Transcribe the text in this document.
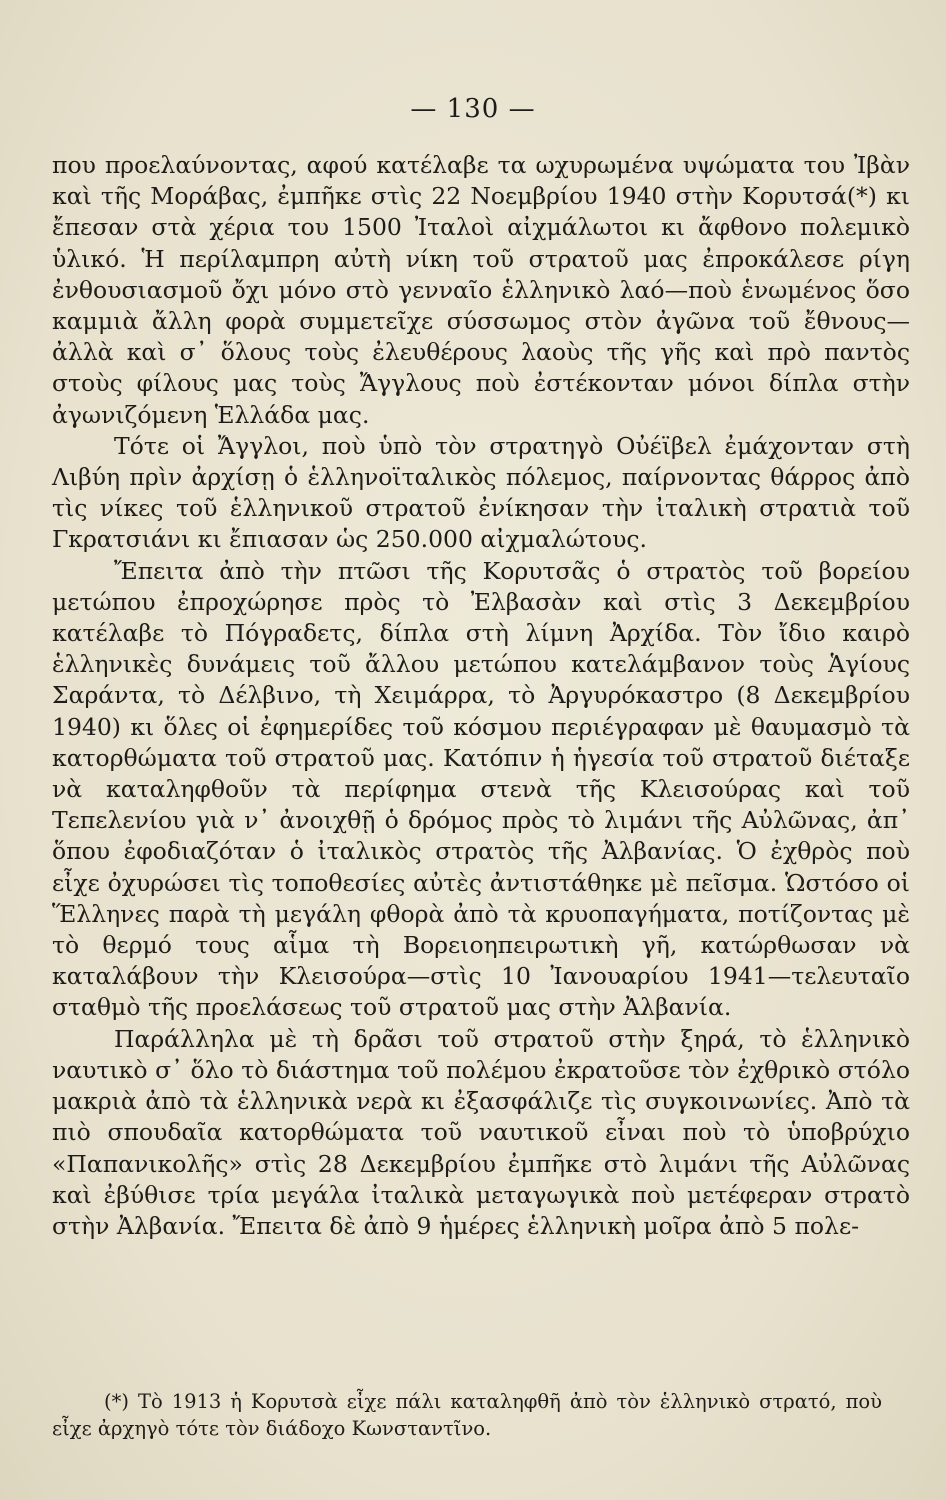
— 130 —

που προελαύνοντας, αφού κατέλαβε τα ωχυρωμένα υψώματα του Ἰβὰν καὶ τῆς Μοράβας, ἐμπῆκε στὶς 22 Νοεμβρίου 1940 στὴν Κορυτσά(*) κι ἔπεσαν στὰ χέρια του 1500 Ἰταλοὶ αἰχμάλωτοι κι ἄφθονο πολεμικὸ ὑλικό. Ἡ περίλαμπρη αὐτὴ νίκη τοῦ στρατοῦ μας ἐπροκάλεσε ρίγη ἐνθουσιασμοῦ ὄχι μόνο στὸ γενναῖο ἑλληνικὸ λαό—ποὺ ἑνωμένος ὅσο καμμιὰ ἄλλη φορὰ συμμετεῖχε σύσσωμος στὸν ἀγῶνα τοῦ ἔθνους—ἀλλὰ καὶ σ᾽ ὅλους τοὺς ἐλευθέρους λαοὺς τῆς γῆς καὶ πρὸ παντὸς στοὺς φίλους μας τοὺς Ἄγγλους ποὺ ἐστέκονταν μόνοι δίπλα στὴν ἀγωνιζόμενη Ἑλλάδα μας.

Τότε οἱ Ἄγγλοι, ποὺ ὑπὸ τὸν στρατηγὸ Οὐέϊβελ ἐμάχονταν στὴ Λιβύη πρὶν ἀρχίσῃ ὁ ἑλληνοϊταλικὸς πόλεμος, παίρνοντας θάρρος ἀπὸ τὶς νίκες τοῦ ἑλληνικοῦ στρατοῦ ἐνίκησαν τὴν ἰταλικὴ στρατιὰ τοῦ Γκρατσιάνι κι ἔπιασαν ὡς 250.000 αἰχμαλώτους.

Ἔπειτα ἀπὸ τὴν πτῶσι τῆς Κορυτσᾶς ὁ στρατὸς τοῦ βορείου μετώπου ἐπροχώρησε πρὸς τὸ Ἐλβασὰν καὶ στὶς 3 Δεκεμβρίου κατέλαβε τὸ Πόγραδετς, δίπλα στὴ λίμνη Ἀρχίδα. Τὸν ἴδιο καιρὸ ἑλληνικὲς δυνάμεις τοῦ ἄλλου μετώπου κατελάμβανον τοὺς Ἁγίους Σαράντα, τὸ Δέλβινο, τὴ Χειμάρρα, τὸ Ἀργυρόκαστρο (8 Δεκεμβρίου 1940) κι ὅλες οἱ ἐφημερίδες τοῦ κόσμου περιέγραφαν μὲ θαυμασμὸ τὰ κατορθώματα τοῦ στρατοῦ μας. Κατόπιν ἡ ἡγεσία τοῦ στρατοῦ διέταξε νὰ καταληφθοῦν τὰ περίφημα στενὰ τῆς Κλεισούρας καὶ τοῦ Τεπελενίου γιὰ ν᾽ ἀνοιχθῇ ὁ δρόμος πρὸς τὸ λιμάνι τῆς Αὐλῶνας, ἀπ᾽ ὅπου ἐφοδιαζόταν ὁ ἰταλικὸς στρατὸς τῆς Ἀλβανίας. Ὁ ἐχθρὸς ποὺ εἶχε ὀχυρώσει τὶς τοποθεσίες αὐτὲς ἀντιστάθηκε μὲ πεῖσμα. Ὡστόσο οἱ Ἕλληνες παρὰ τὴ μεγάλη φθορὰ ἀπὸ τὰ κρυοπαγήματα, ποτίζοντας μὲ τὸ θερμό τους αἷμα τὴ Βορειοηπειρωτικὴ γῆ, κατώρθωσαν νὰ καταλάβουν τὴν Κλεισούρα—στὶς 10 Ἰανουαρίου 1941—τελευταῖο σταθμὸ τῆς προελάσεως τοῦ στρατοῦ μας στὴν Ἀλβανία.

Παράλληλα μὲ τὴ δρᾶσι τοῦ στρατοῦ στὴν ξηρά, τὸ ἑλληνικὸ ναυτικὸ σ᾽ ὅλο τὸ διάστημα τοῦ πολέμου ἐκρατοῦσε τὸν ἐχθρικὸ στόλο μακριὰ ἀπὸ τὰ ἑλληνικὰ νερὰ κι ἐξασφάλιζε τὶς συγκοινωνίες. Ἀπὸ τὰ πιὸ σπουδαῖα κατορθώματα τοῦ ναυτικοῦ εἶναι ποὺ τὸ ὑποβρύχιο «Παπανικολῆς» στὶς 28 Δεκεμβρίου ἐμπῆκε στὸ λιμάνι τῆς Αὐλῶνας καὶ ἐβύθισε τρία μεγάλα ἰταλικὰ μεταγωγικὰ ποὺ μετέφεραν στρατὸ στὴν Ἀλβανία. Ἔπειτα δὲ ἀπὸ 9 ἡμέρες ἑλληνικὴ μοῖρα ἀπὸ 5 πολε-

(*) Τὸ 1913 ἡ Κορυτσὰ εἶχε πάλι καταληφθῆ ἀπὸ τὸν ἑλληνικὸ στρατό, ποὺ εἶχε ἀρχηγὸ τότε τὸν διάδοχο Κωνσταντῖνο.
